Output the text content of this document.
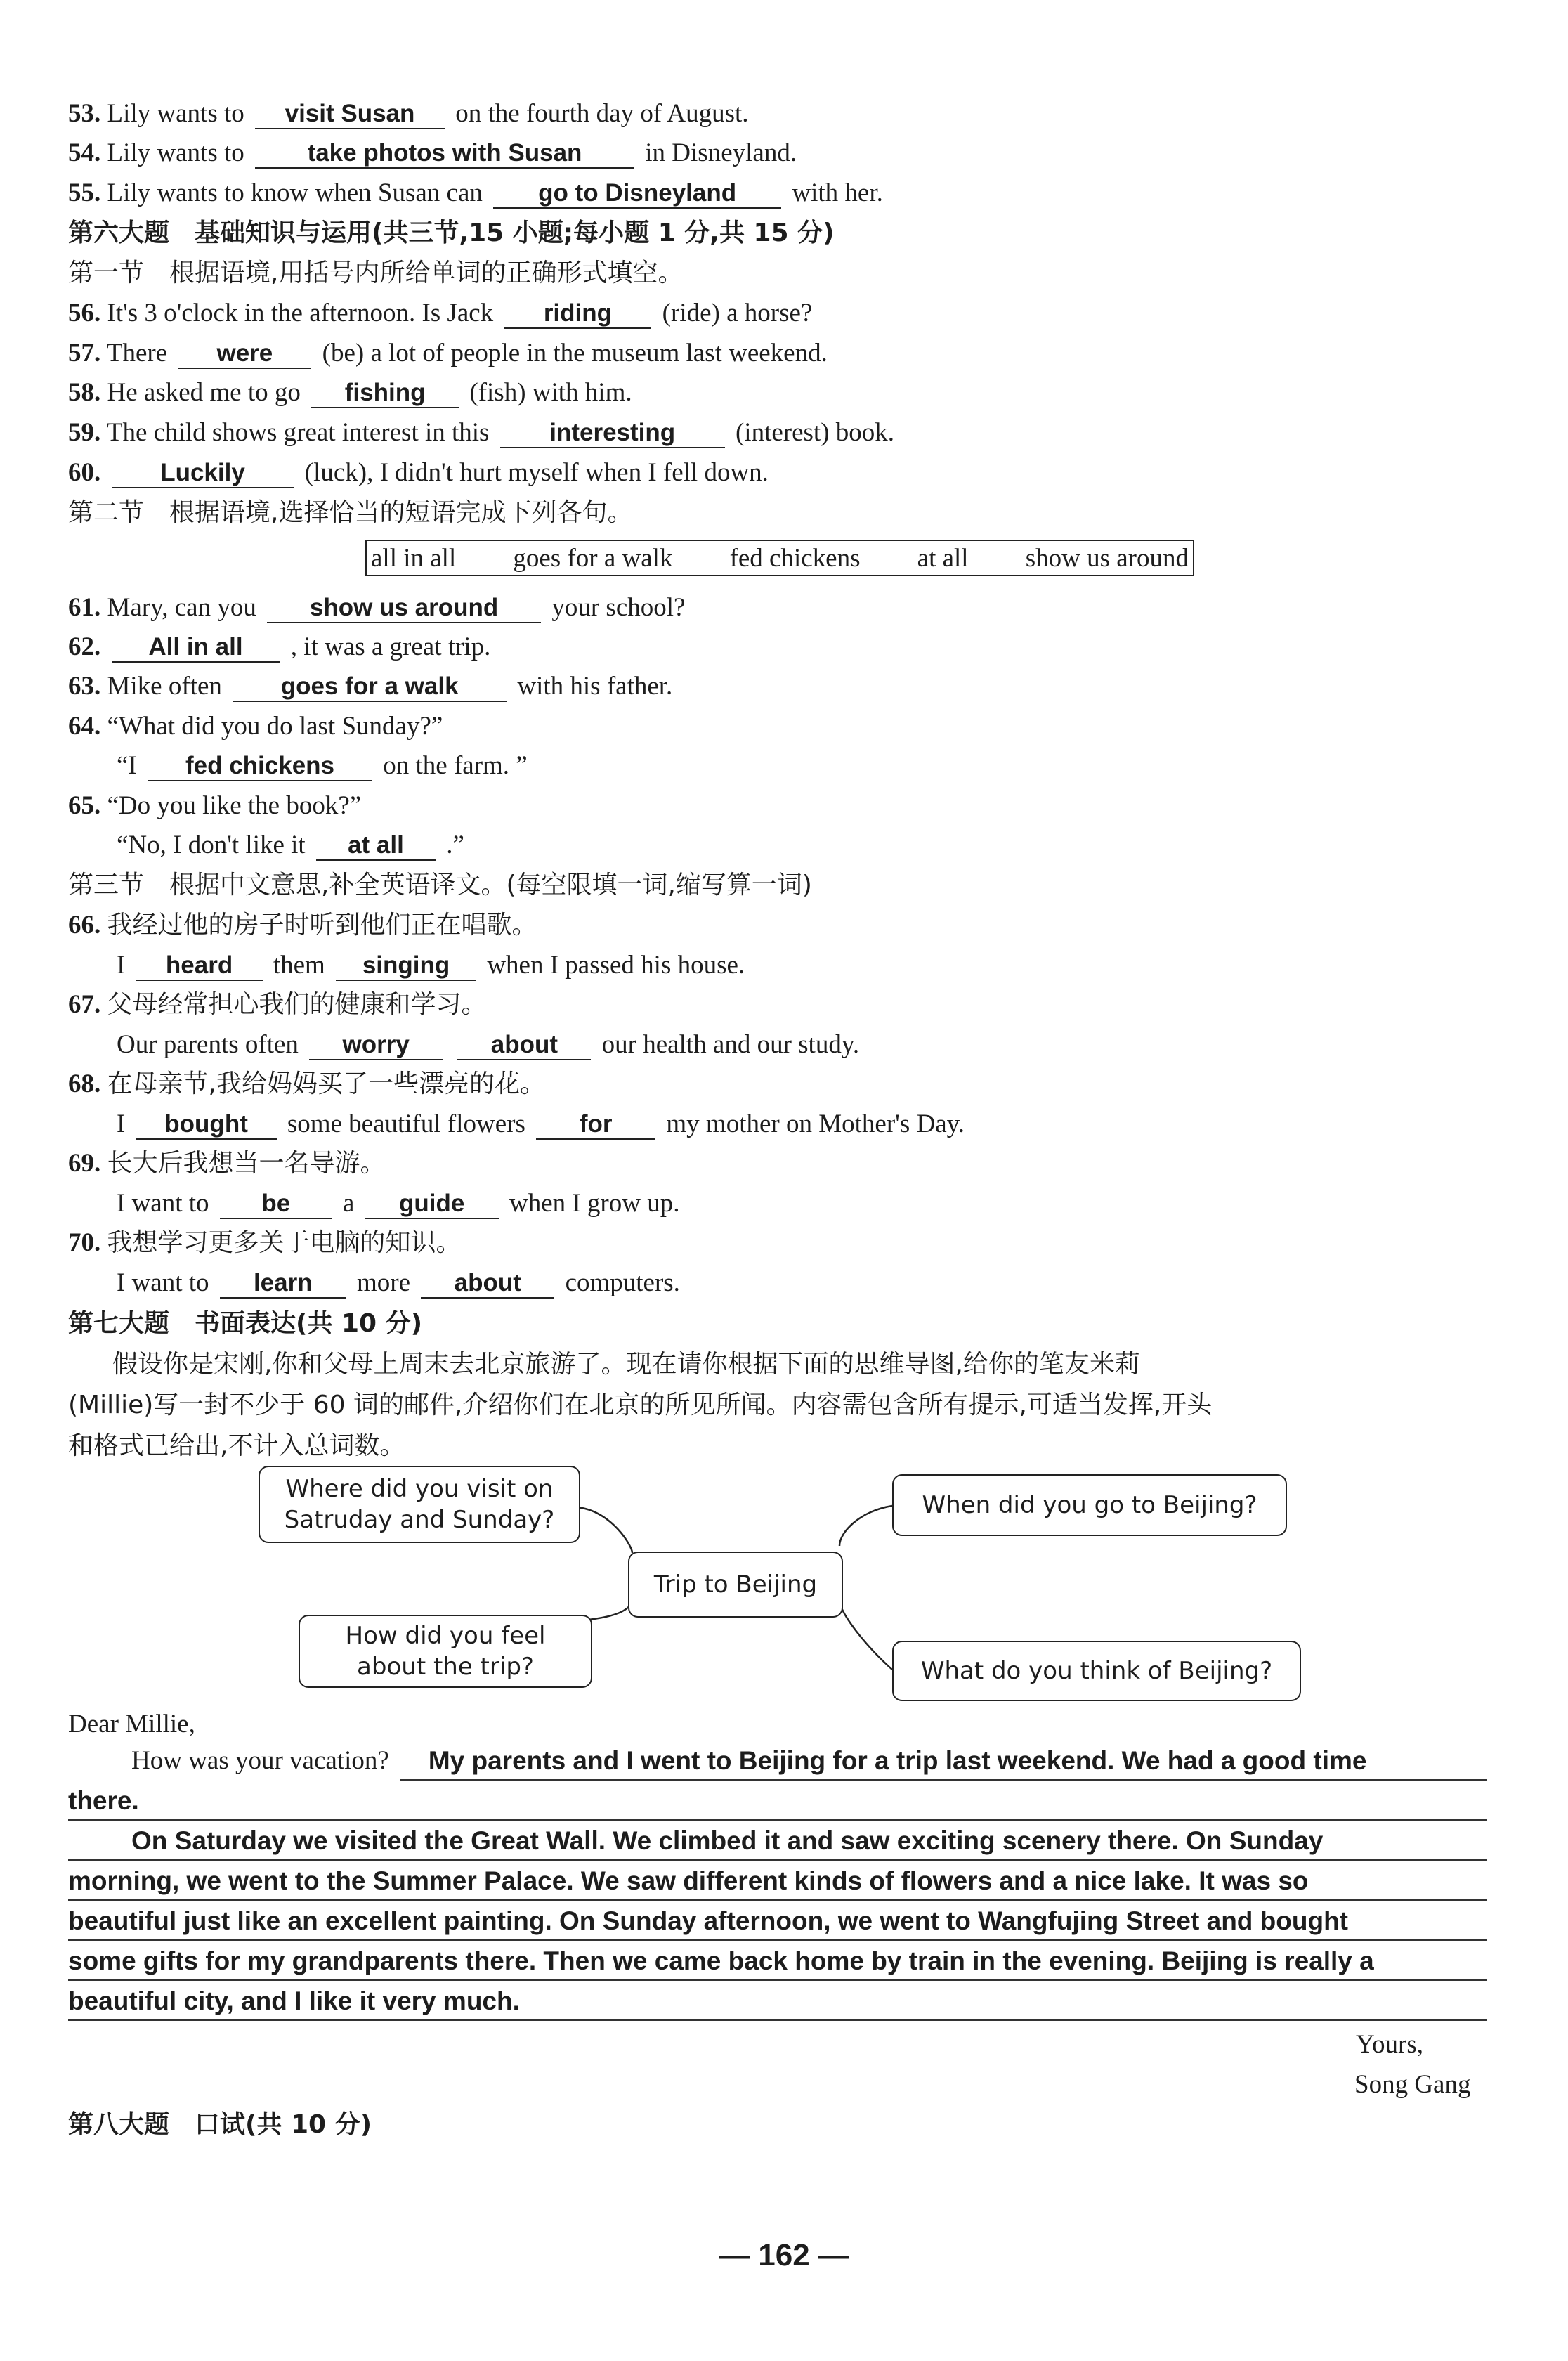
53. Lily wants to visit Susan on the fourth day of August.
54. Lily wants to	take photos with Susan in Disneyland.
55. Lily wants to know when Susan can go to Disneyland with her.
第六大题　基础知识与运用(共三节,15 小题;每小题 1 分,共 15 分)
第一节　根据语境,用括号内所给单词的正确形式填空。
56. It's 3 o'clock in the afternoon. Is Jack riding (ride) a horse?
57. There were (be) a lot of people in the museum last weekend.
58. He asked me to go fishing (fish) with him.
59. The child shows great interest in this interesting (interest) book.
60. Luckily (luck), I didn't hurt myself when I fell down.
第二节　根据语境,选择恰当的短语完成下列各句。
all in all goes for a walk fed chickens at all show us around
61. Mary, can you show us around your school?
62. All in all , it was a great trip.
63. Mike often goes for a walk with his father.
64. “What did you do last Sunday?”
“I fed chickens on the farm. ”
65. “Do you like the book?”
“No, I don't like it at all .”
第三节　根据中文意思,补全英语译文。(每空限填一词,缩写算一词)
66. 我经过他的房子时听到他们正在唱歌。
I heard them singing when I passed his house.
67. 父母经常担心我们的健康和学习。
Our parents often worry	about our health and our study.
68. 在母亲节,我给妈妈买了一些漂亮的花。
I bought some beautiful flowers for my mother on Mother's Day.
69. 长大后我想当一名导游。
I want to be a guide when I grow up.
70. 我想学习更多关于电脑的知识。
I want to learn more about computers.
第七大题　书面表达(共 10 分)
假设你是宋刚,你和父母上周末去北京旅游了。现在请你根据下面的思维导图,给你的笔友米莉
(Millie)写一封不少于 60 词的邮件,介绍你们在北京的所见所闻。内容需包含所有提示,可适当发挥,开头
和格式已给出,不计入总词数。
Where did you visit on Satruday and Sunday?
How did you feel about the trip?
Trip to Beijing
When did you go to Beijing?
What do you think of Beijing?
Dear Millie,
How was your vacation?	My parents and I went to Beijing for a trip last weekend. We had a good time
there.
On Saturday we visited the Great Wall. We climbed it and saw exciting scenery there. On Sunday
morning, we went to the Summer Palace. We saw different kinds of flowers and a nice lake. It was so
beautiful just like an excellent painting. On Sunday afternoon, we went to Wangfujing Street and bought
some gifts for my grandparents there. Then we came back home by train in the evening. Beijing is really a
beautiful city, and I like it very much.
Yours,
Song Gang
第八大题　口试(共 10 分)
— 162 —
